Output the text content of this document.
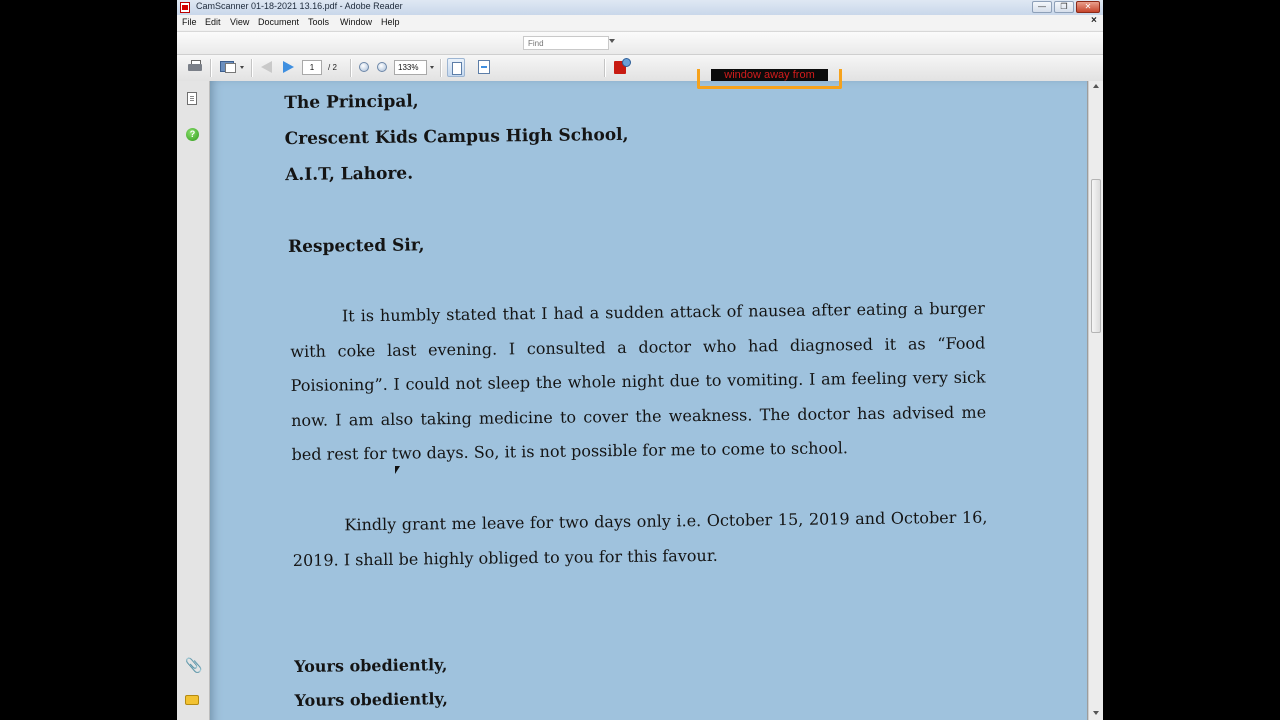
CamScanner 01-18-2021 13.16.pdf - Adobe Reader	—	❐	✕
File Edit View Document Tools Window Help	×
Find
1	/ 2	133%
?
📎
The Principal,
Crescent Kids Campus High School,
A.I.T, Lahore.
Respected Sir,
It is humbly stated that I had a sudden attack of nausea after eating a burger with coke last evening. I consulted a doctor who had diagnosed it as “Food Poisioning”. I could not sleep the whole night due to vomiting. I am feeling very sick now. I am also taking medicine to cover the weakness. The doctor has advised me bed rest for two days. So, it is not possible for me to come to school.
Kindly grant me leave for two days only i.e. October 15, 2019 and October 16, 2019. I shall be highly obliged to you for this favour.
Yours obediently,
Yours obediently,
window away from
